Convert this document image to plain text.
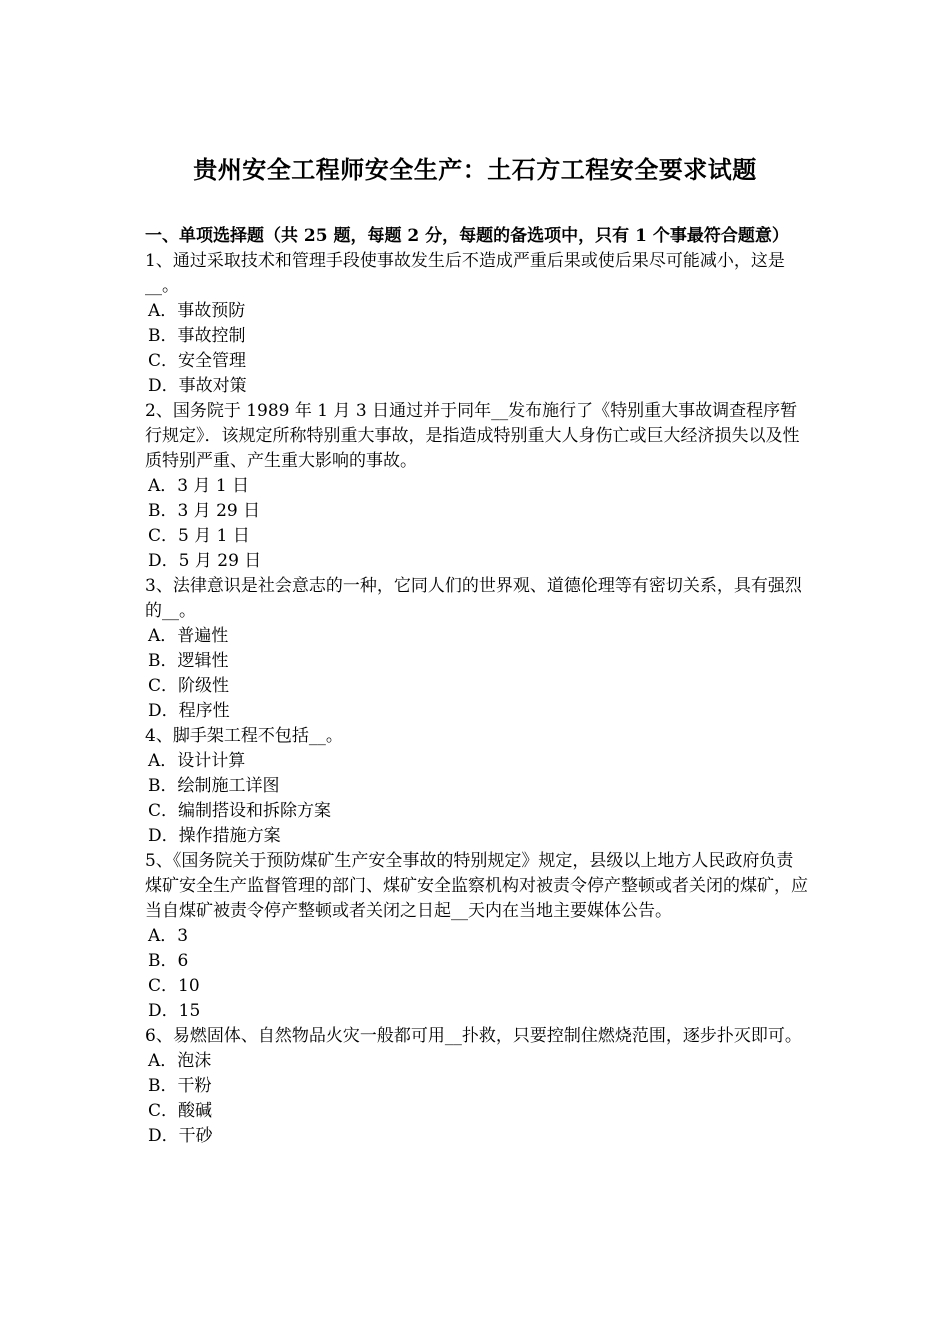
贵州安全工程师安全生产：土石方工程安全要求试题

一、单项选择题（共 25 题，每题 2 分，每题的备选项中，只有 1 个事最符合题意）

1、通过采取技术和管理手段使事故发生后不造成严重后果或使后果尽可能减小，这是__。

A．事故预防

B．事故控制

C．安全管理

D．事故对策

2、国务院于 1989 年 1 月 3 日通过并于同年__发布施行了《特别重大事故调查程序暂行规定》．该规定所称特别重大事故，是指造成特别重大人身伤亡或巨大经济损失以及性质特别严重、产生重大影响的事故。

A．3 月 1 日

B．3 月 29 日

C．5 月 1 日

D．5 月 29 日

3、法律意识是社会意志的一种，它同人们的世界观、道德伦理等有密切关系，具有强烈的__。

A．普遍性

B．逻辑性

C．阶级性

D．程序性

4、脚手架工程不包括__。

A．设计计算

B．绘制施工详图

C．编制搭设和拆除方案

D．操作措施方案

5、《国务院关于预防煤矿生产安全事故的特别规定》规定，县级以上地方人民政府负责煤矿安全生产监督管理的部门、煤矿安全监察机构对被责令停产整顿或者关闭的煤矿，应当自煤矿被责令停产整顿或者关闭之日起__天内在当地主要媒体公告。

A．3

B．6

C．10

D．15

6、易燃固体、自然物品火灾一般都可用__扑救，只要控制住燃烧范围，逐步扑灭即可。

A．泡沫

B．干粉

C．酸碱

D．干砂
